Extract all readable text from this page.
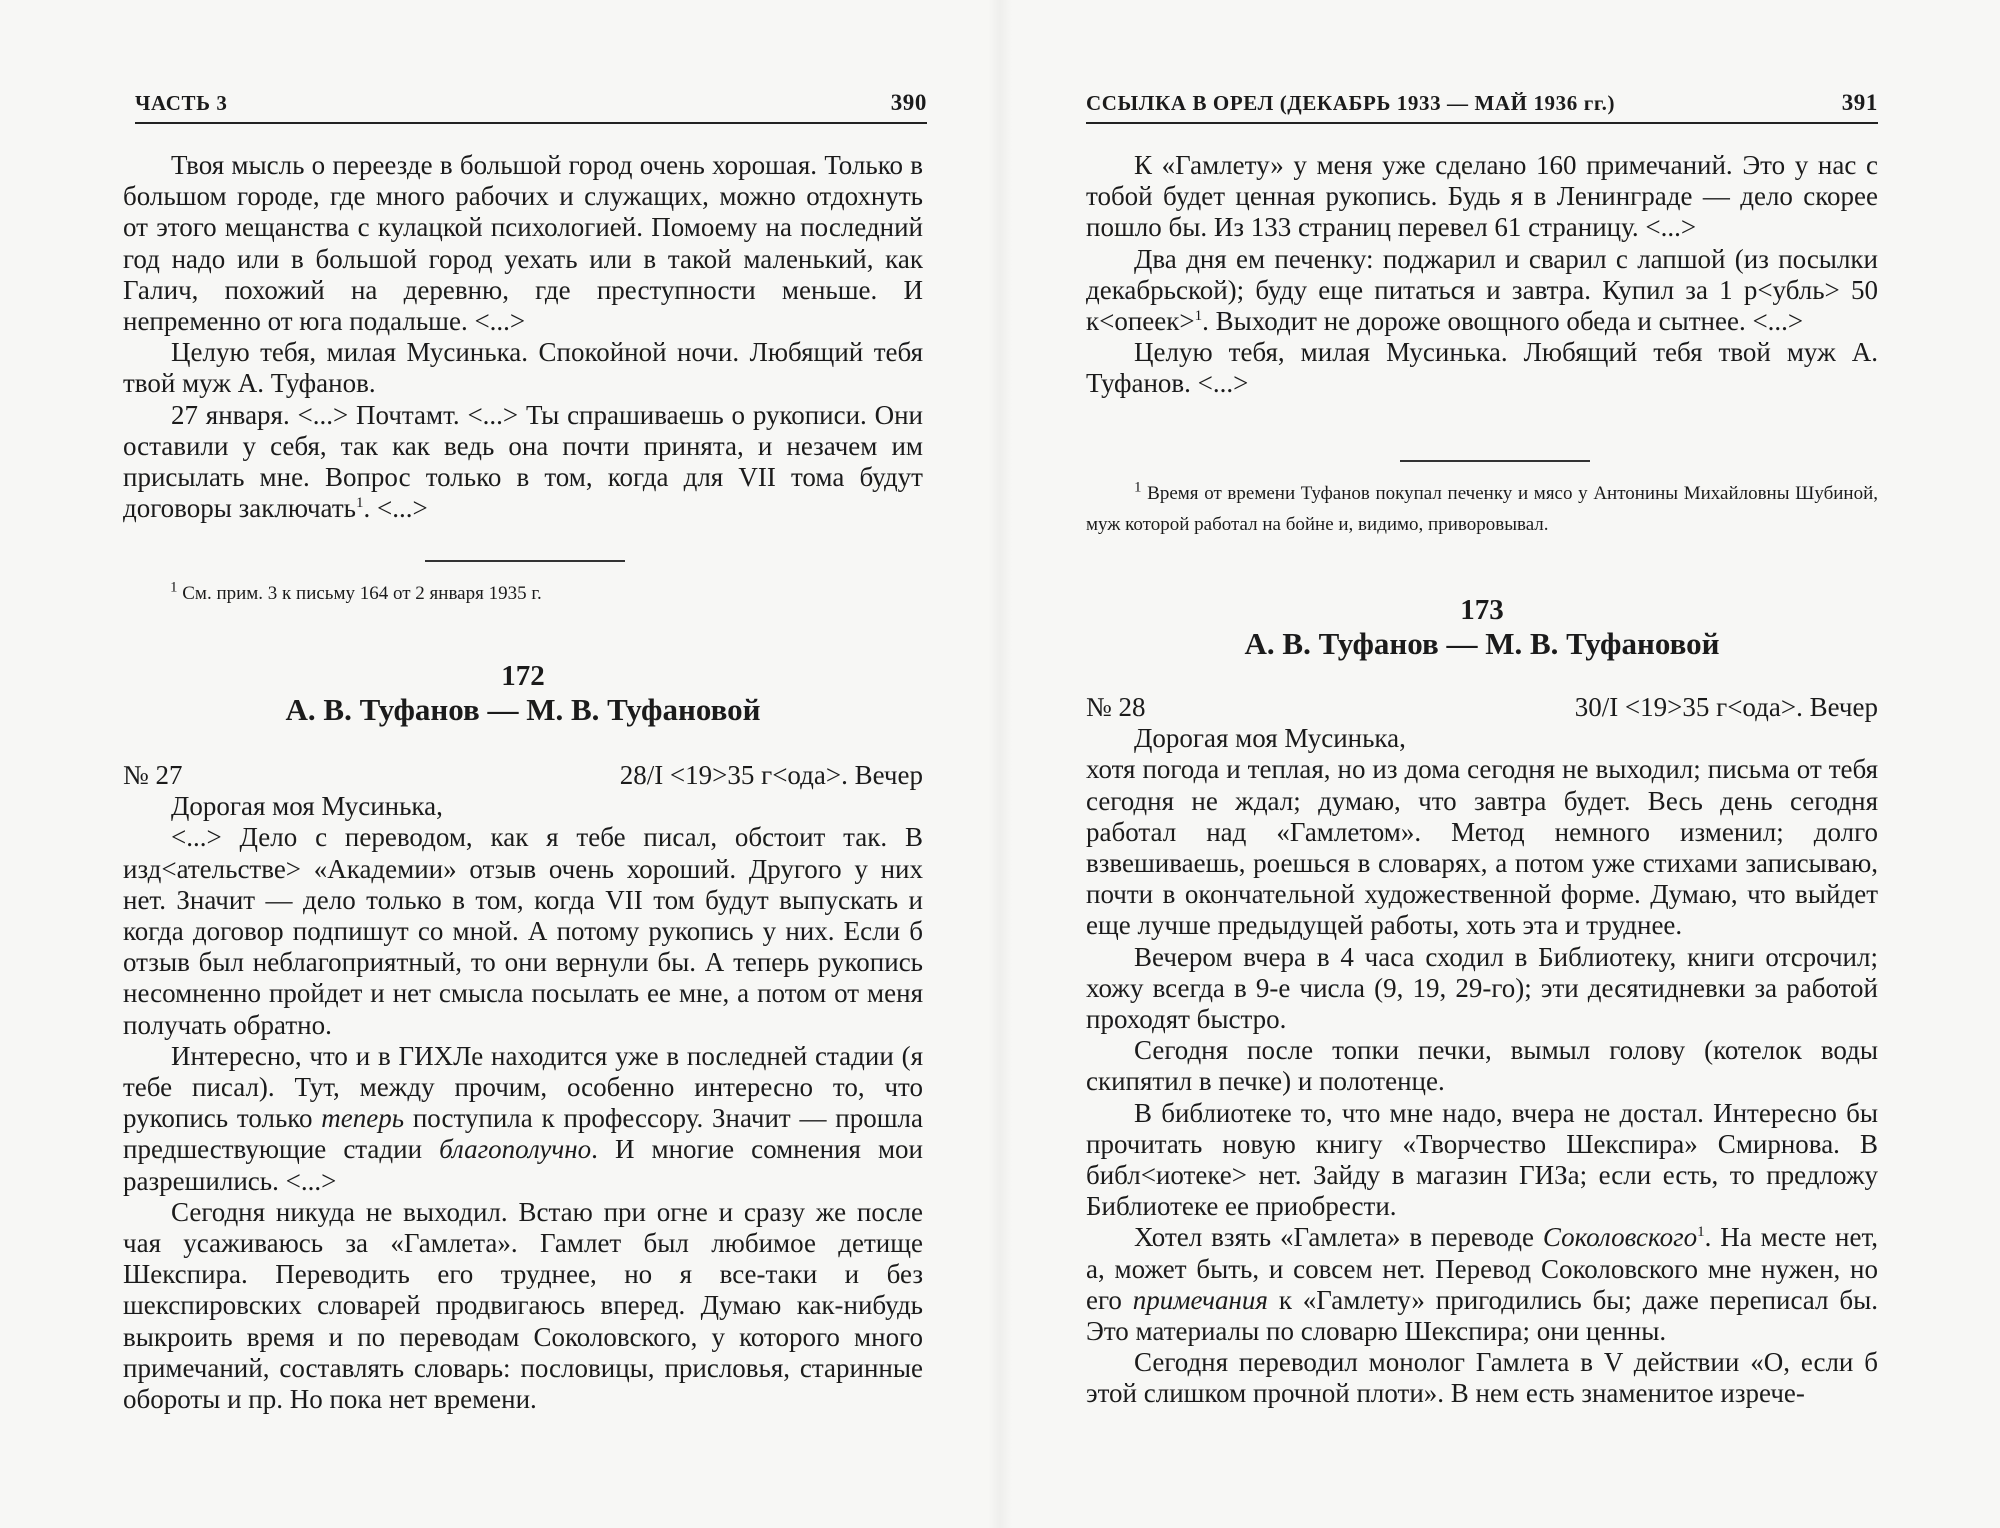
ЧАСТЬ 3	390

Твоя мысль о переезде в большой город очень хорошая. Только в большом городе, где много рабочих и служащих, можно отдохнуть от этого мещанства с кулацкой психологией. Помоему на последний год надо или в большой город уехать или в такой маленький, как Галич, похожий на деревню, где преступности меньше. И непременно от юга подальше. <...>

Целую тебя, милая Мусинька. Спокойной ночи. Любящий тебя твой муж А. Туфанов.

27 января. <...> Почтамт. <...> Ты спрашиваешь о рукописи. Они оставили у себя, так как ведь она почти принята, и незачем им присылать мне. Вопрос только в том, когда для VII тома будут договоры заключать$^1$. <...>

$^1$ См. прим. 3 к письму 164 от 2 января 1935 г.
172
А. В. Туфанов — М. В. Туфановой
№ 27	28/I <19>35 г<ода>. Вечер

Дорогая моя Мусинька,

<...> Дело с переводом, как я тебе писал, обстоит так. В изд<ательстве> «Академии» отзыв очень хороший. Другого у них нет. Значит — дело только в том, когда VII том будут выпускать и когда договор подпишут со мной. А потому рукопись у них. Если б отзыв был неблагоприятный, то они вернули бы. А теперь рукопись несомненно пройдет и нет смысла посылать ее мне, а потом от меня получать обратно.

Интересно, что и в ГИХЛе находится уже в последней стадии (я тебе писал). Тут, между прочим, особенно интересно то, что рукопись только теперь поступила к профессору. Значит — прошла предшествующие стадии благополучно. И многие сомнения мои разрешились. <...>

Сегодня никуда не выходил. Встаю при огне и сразу же после чая усаживаюсь за «Гамлета». Гамлет был любимое детище Шекспира. Переводить его труднее, но я все-таки и без шекспировских словарей продвигаюсь вперед. Думаю как-нибудь выкроить время и по переводам Соколовского, у которого много примечаний, составлять словарь: пословицы, присловья, старинные обороты и пр. Но пока нет времени.

ССЫЛКА В ОРЕЛ (ДЕКАБРЬ 1933 — МАЙ 1936 гг.)	391

К «Гамлету» у меня уже сделано 160 примечаний. Это у нас с тобой будет ценная рукопись. Будь я в Ленинграде — дело скорее пошло бы. Из 133 страниц перевел 61 страницу. <...>

Два дня ем печенку: поджарил и сварил с лапшой (из посылки декабрьской); буду еще питаться и завтра. Купил за 1 р<убль> 50 к<опеек>$^1$. Выходит не дороже овощного обеда и сытнее. <...>

Целую тебя, милая Мусинька. Любящий тебя твой муж А. Туфанов. <...>

$^1$ Время от времени Туфанов покупал печенку и мясо у Антонины Михайловны Шубиной, муж которой работал на бойне и, видимо, приворовывал.
173
А. В. Туфанов — М. В. Туфановой
№ 28	30/I <19>35 г<ода>. Вечер

Дорогая моя Мусинька,

хотя погода и теплая, но из дома сегодня не выходил; письма от тебя сегодня не ждал; думаю, что завтра будет. Весь день сегодня работал над «Гамлетом». Метод немного изменил; долго взвешиваешь, роешься в словарях, а потом уже стихами записываю, почти в окончательной художественной форме. Думаю, что выйдет еще лучше предыдущей работы, хоть эта и труднее.

Вечером вчера в 4 часа сходил в Библиотеку, книги отсрочил; хожу всегда в 9-е числа (9, 19, 29-го); эти десятидневки за работой проходят быстро.

Сегодня после топки печки, вымыл голову (котелок воды скипятил в печке) и полотенце.

В библиотеке то, что мне надо, вчера не достал. Интересно бы прочитать новую книгу «Творчество Шекспира» Смирнова. В библ<иотеке> нет. Зайду в магазин ГИЗа; если есть, то предложу Библиотеке ее приобрести.

Хотел взять «Гамлета» в переводе Соколовского$^1$. На месте нет, а, может быть, и совсем нет. Перевод Соколовского мне нужен, но его примечания к «Гамлету» пригодились бы; даже переписал бы. Это материалы по словарю Шекспира; они ценны.

Сегодня переводил монолог Гамлета в V действии «О, если б этой слишком прочной плоти». В нем есть знаменитое изрече-
